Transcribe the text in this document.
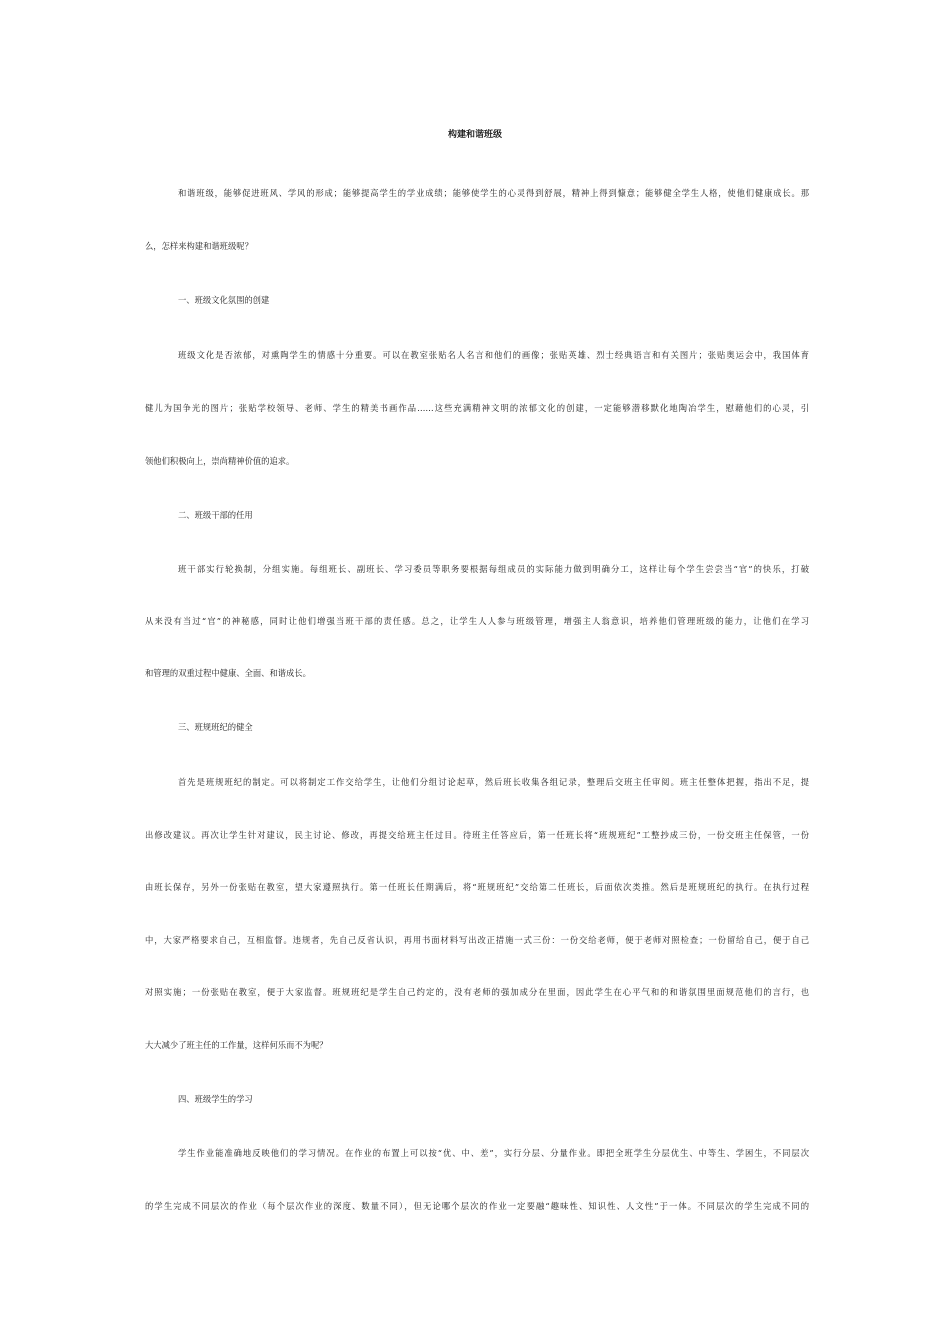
构建和谐班级
和谐班级，能够促进班风、学风的形成；能够提高学生的学业成绩；能够使学生的心灵得到舒展，精神上得到慷意；能够健全学生人格，使他们健康成长。那
么，怎样来构建和谐班级呢？
一、班级文化氛围的创建
班级文化是否浓郁，对熏陶学生的情感十分重要。可以在教室张贴名人名言和他们的画像；张贴英雄、烈士经典语言和有关图片；张贴奥运会中，我国体育
健儿为国争光的图片；张贴学校领导、老师、学生的精美书画作品……这些充满精神文明的浓郁文化的创建，一定能够潜移默化地陶冶学生，慰藉他们的心灵，引
领他们积极向上，崇尚精神价值的追求。
二、班级干部的任用
班干部实行轮换制，分组实施。每组班长、副班长、学习委员等职务要根据每组成员的实际能力做到明确分工，这样让每个学生尝尝当“官”的快乐，打破
从来没有当过“官”的神秘感，同时让他们增强当班干部的责任感。总之，让学生人人参与班级管理，增强主人翁意识，培养他们管理班级的能力，让他们在学习
和管理的双重过程中健康、全面、和谐成长。
三、班规班纪的健全
首先是班规班纪的制定。可以将制定工作交给学生，让他们分组讨论起草，然后班长收集各组记录，整理后交班主任审阅。班主任整体把握，指出不足，提
出修改建议。再次让学生针对建议，民主讨论、修改，再提交给班主任过目。待班主任答应后，第一任班长将“班规班纪”工整抄成三份，一份交班主任保管，一份
由班长保存，另外一份张贴在教室，望大家遵照执行。第一任班长任期满后，将“班规班纪”交给第二任班长，后面依次类推。然后是班规班纪的执行。在执行过程
中，大家严格要求自己，互相监督。违规者，先自己反省认识，再用书面材料写出改正措施一式三份：一份交给老师，便于老师对照检查；一份留给自己，便于自己
对照实施；一份张贴在教室，便于大家监督。班规班纪是学生自己约定的，没有老师的强加成分在里面，因此学生在心平气和的和谐氛围里面规范他们的言行，也
大大减少了班主任的工作量，这样何乐而不为呢？
四、班级学生的学习
学生作业能准确地反映他们的学习情况。在作业的布置上可以按“优、中、差”，实行分层、分量作业。即把全班学生分层优生、中等生、学困生，不同层次
的学生完成不同层次的作业（每个层次作业的深度、数量不同），但无论哪个层次的作业一定要融“趣味性、知识性、人文性”于一体。不同层次的学生完成不同的
